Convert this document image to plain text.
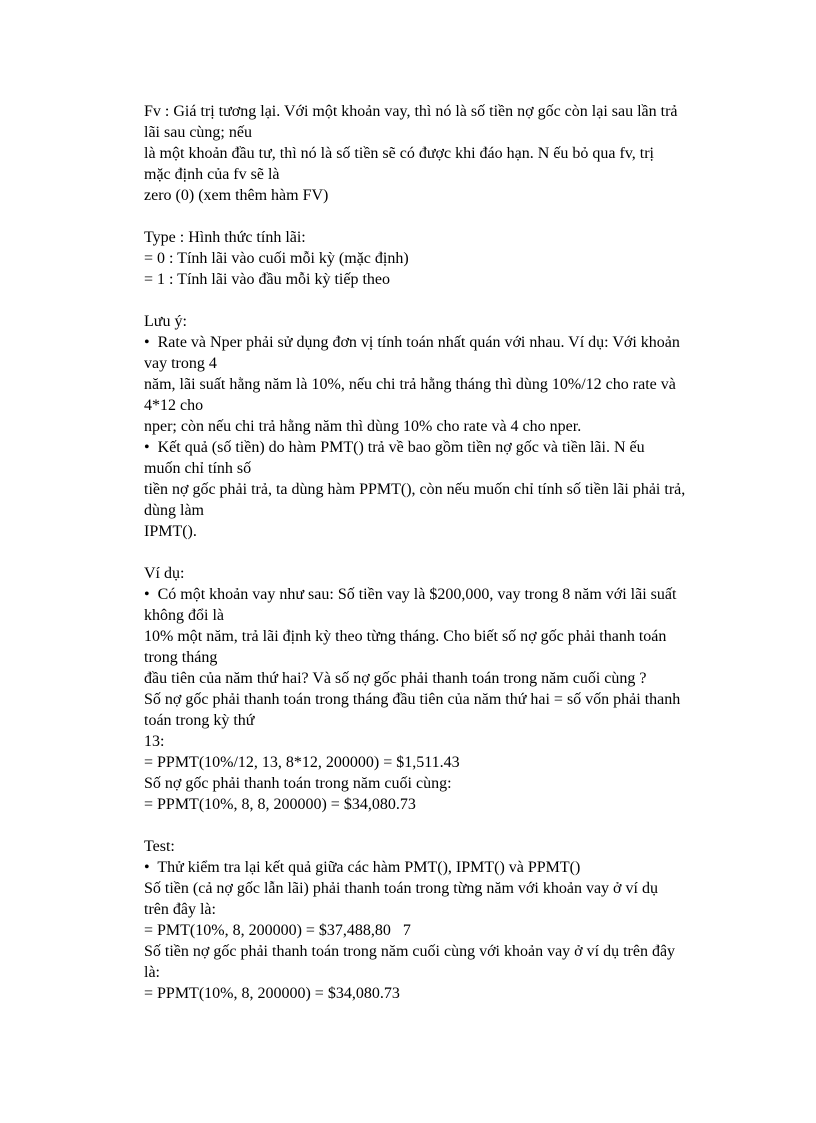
Fv : Giá trị tương lại. Với một khoản vay, thì nó là số tiền nợ gốc còn lại sau lần trả

lãi sau cùng; nếu

là một khoản đầu tư, thì nó là số tiền sẽ có được khi đáo hạn. N ếu bỏ qua fv, trị

mặc định của fv sẽ là

zero (0) (xem thêm hàm FV)

Type : Hình thức tính lãi:

= 0 : Tính lãi vào cuối mỗi kỳ (mặc định)

= 1 : Tính lãi vào đầu mỗi kỳ tiếp theo

Lưu ý:

•  Rate và Nper phải sử dụng đơn vị tính toán nhất quán với nhau. Ví dụ: Với khoản

vay trong 4

năm, lãi suất hằng năm là 10%, nếu chi trả hằng tháng thì dùng 10%/12 cho rate và

4*12 cho

nper; còn nếu chi trả hằng năm thì dùng 10% cho rate và 4 cho nper.

•  Kết quả (số tiền) do hàm PMT() trả về bao gồm tiền nợ gốc và tiền lãi. N ếu

muốn chỉ tính số

tiền nợ gốc phải trả, ta dùng hàm PPMT(), còn nếu muốn chỉ tính số tiền lãi phải trả,

dùng làm

IPMT().

Ví dụ:

•  Có một khoản vay như sau: Số tiền vay là $200,000, vay trong 8 năm với lãi suất

không đổi là

10% một năm, trả lãi định kỳ theo từng tháng. Cho biết số nợ gốc phải thanh toán

trong tháng

đầu tiên của năm thứ hai? Và số nợ gốc phải thanh toán trong năm cuối cùng ?

Số nợ gốc phải thanh toán trong tháng đầu tiên của năm thứ hai = số vốn phải thanh

toán trong kỳ thứ

13:

= PPMT(10%/12, 13, 8*12, 200000) = $1,511.43

Số nợ gốc phải thanh toán trong năm cuối cùng:

= PPMT(10%, 8, 8, 200000) = $34,080.73

Test:

•  Thử kiểm tra lại kết quả giữa các hàm PMT(), IPMT() và PPMT()

Số tiền (cả nợ gốc lẫn lãi) phải thanh toán trong từng năm với khoản vay ở ví dụ

trên đây là:

= PMT(10%, 8, 200000) = $37,488,80   7

Số tiền nợ gốc phải thanh toán trong năm cuối cùng với khoản vay ở ví dụ trên đây

là:

= PPMT(10%, 8, 200000) = $34,080.73
